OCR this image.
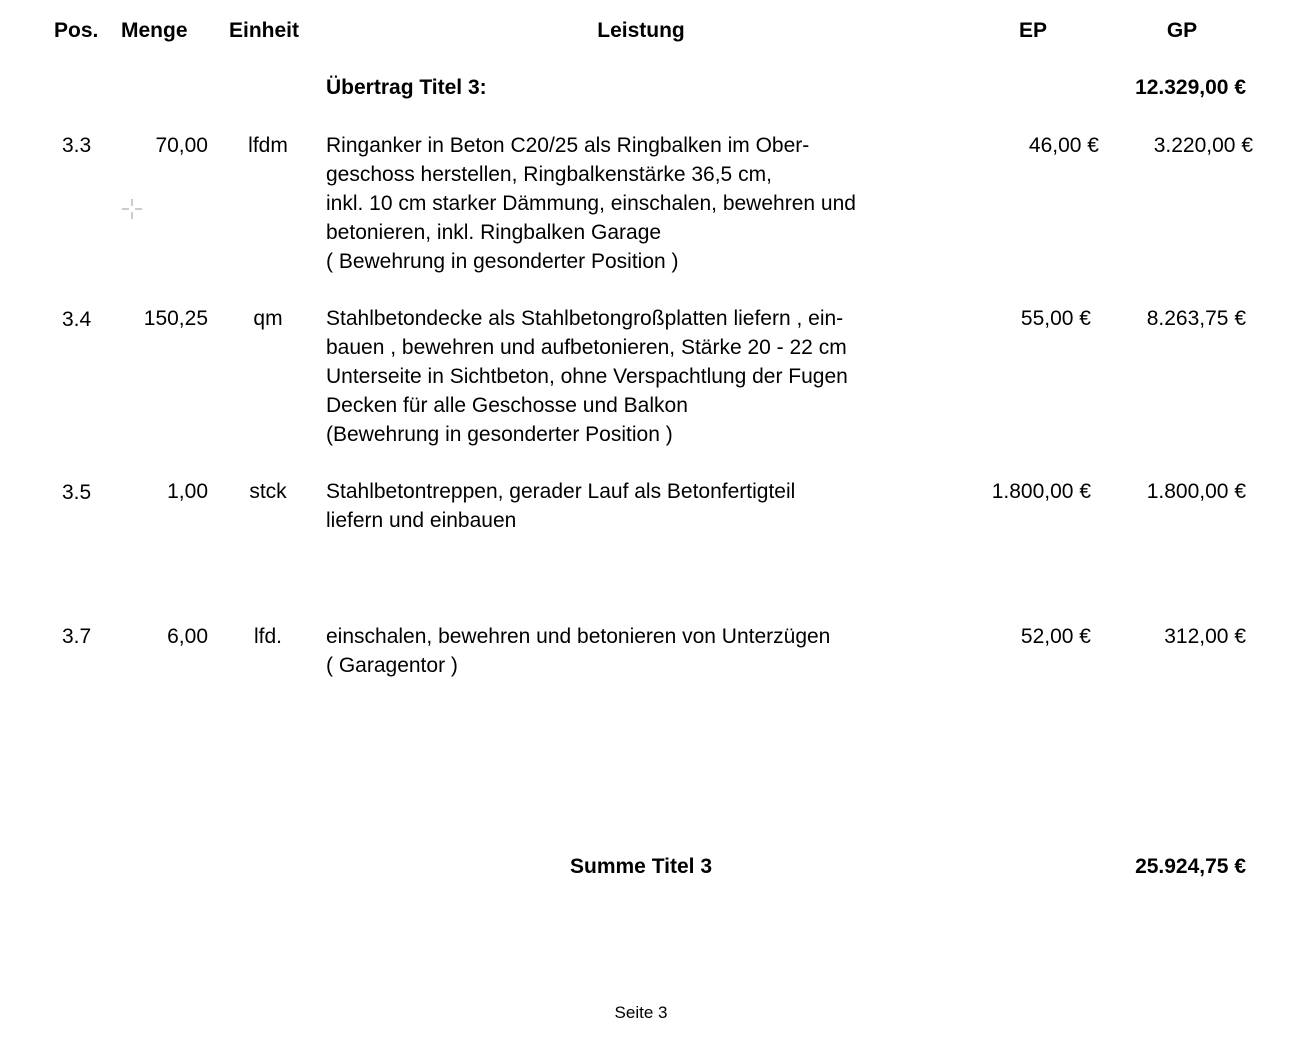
Pos. Menge Einheit	Leistung	EP	GP
Übertrag Titel 3:	12.329,00 €
3.3	70,00	lfdm	Ringanker in Beton C20/25 als Ringbalken im Ober-
geschoss herstellen, Ringbalkenstärke 36,5 cm,
inkl. 10 cm starker Dämmung, einschalen, bewehren und
betonieren, inkl. Ringbalken Garage
( Bewehrung in gesonderter Position )
46,00 €	3.220,00 €
3.4	150,25	qm	Stahlbetondecke als Stahlbetongroßplatten liefern , ein-
bauen , bewehren und aufbetonieren, Stärke 20 - 22 cm
Unterseite in Sichtbeton, ohne Verspachtlung der Fugen
Decken für alle Geschosse und Balkon
(Bewehrung in gesonderter Position )
55,00 €	8.263,75 €
3.5	1,00	stck	Stahlbetontreppen, gerader Lauf als Betonfertigteil
liefern und einbauen
1.800,00 €	1.800,00 €
3.7	6,00	lfd.	einschalen, bewehren und betonieren von Unterzügen
( Garagentor )
52,00 €	312,00 €
Summe Titel 3	25.924,75 €
Seite 3
